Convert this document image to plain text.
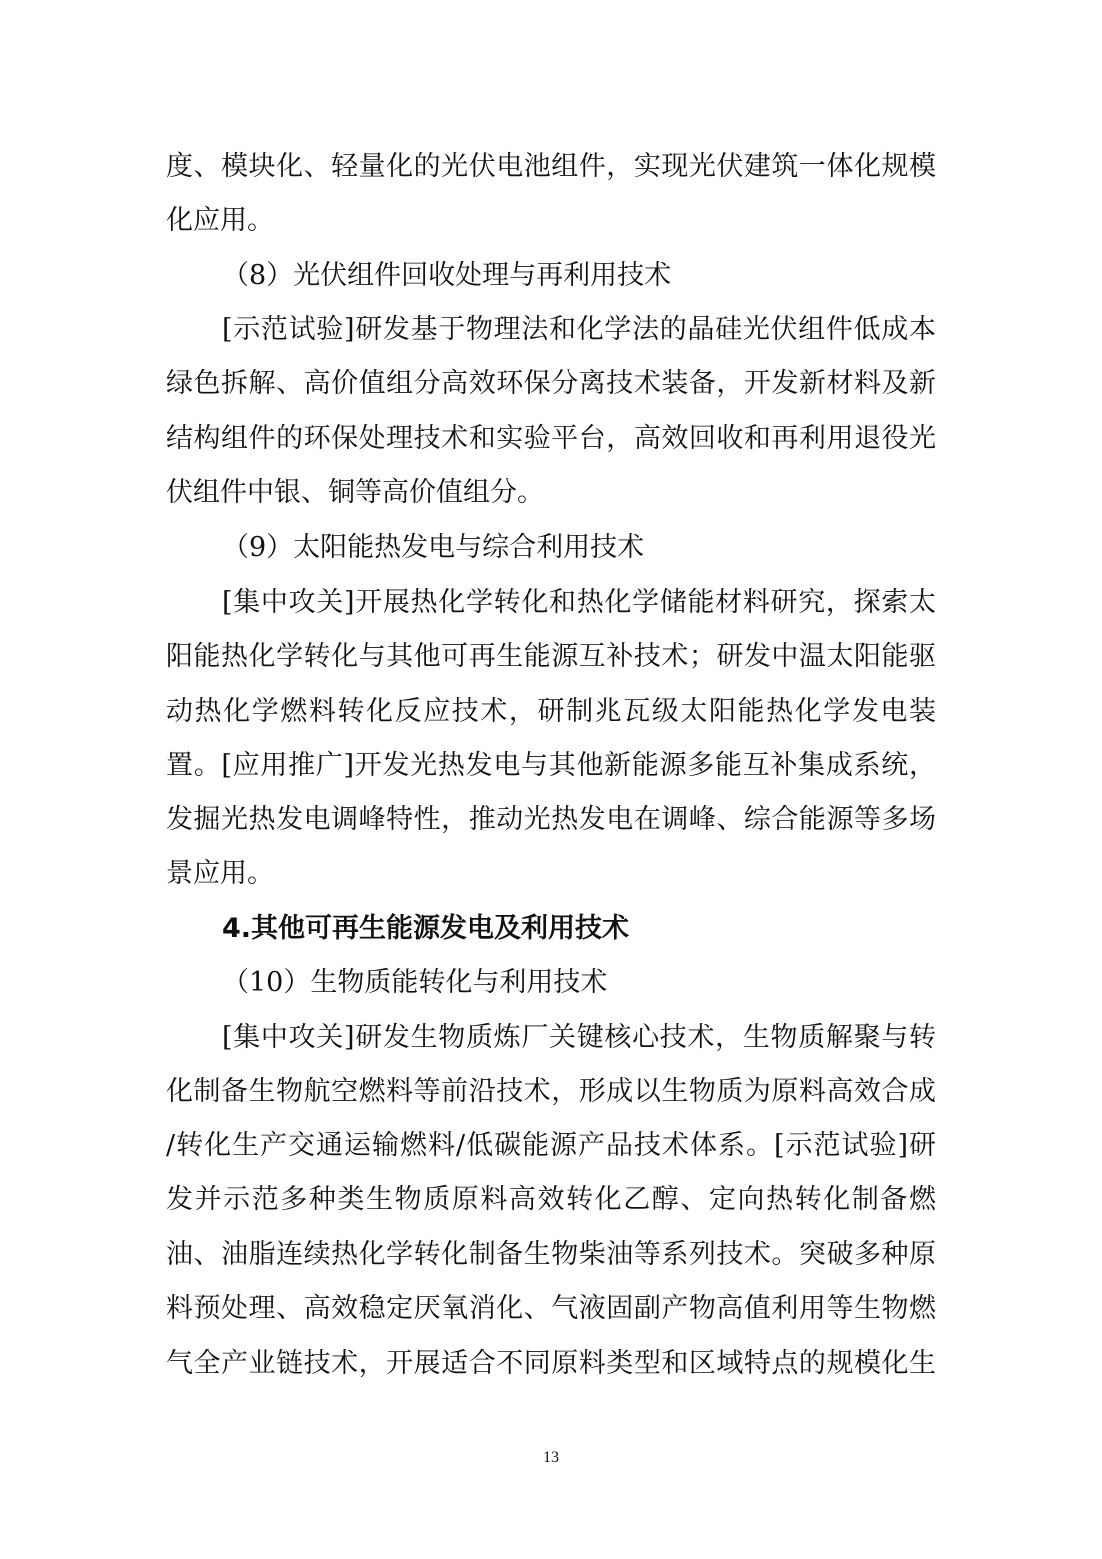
度、模块化、轻量化的光伏电池组件，实现光伏建筑一体化规模
化应用。
（8）光伏组件回收处理与再利用技术
[示范试验]研发基于物理法和化学法的晶硅光伏组件低成本
绿色拆解、高价值组分高效环保分离技术装备，开发新材料及新
结构组件的环保处理技术和实验平台，高效回收和再利用退役光
伏组件中银、铜等高价值组分。
（9）太阳能热发电与综合利用技术
[集中攻关]开展热化学转化和热化学储能材料研究，探索太
阳能热化学转化与其他可再生能源互补技术；研发中温太阳能驱
动热化学燃料转化反应技术，研制兆瓦级太阳能热化学发电装
置。[应用推广]开发光热发电与其他新能源多能互补集成系统，
发掘光热发电调峰特性，推动光热发电在调峰、综合能源等多场
景应用。
4.其他可再生能源发电及利用技术
（10）生物质能转化与利用技术
[集中攻关]研发生物质炼厂关键核心技术，生物质解聚与转
化制备生物航空燃料等前沿技术，形成以生物质为原料高效合成
/转化生产交通运输燃料/低碳能源产品技术体系。[示范试验]研
发并示范多种类生物质原料高效转化乙醇、定向热转化制备燃
油、油脂连续热化学转化制备生物柴油等系列技术。突破多种原
料预处理、高效稳定厌氧消化、气液固副产物高值利用等生物燃
气全产业链技术，开展适合不同原料类型和区域特点的规模化生
13
